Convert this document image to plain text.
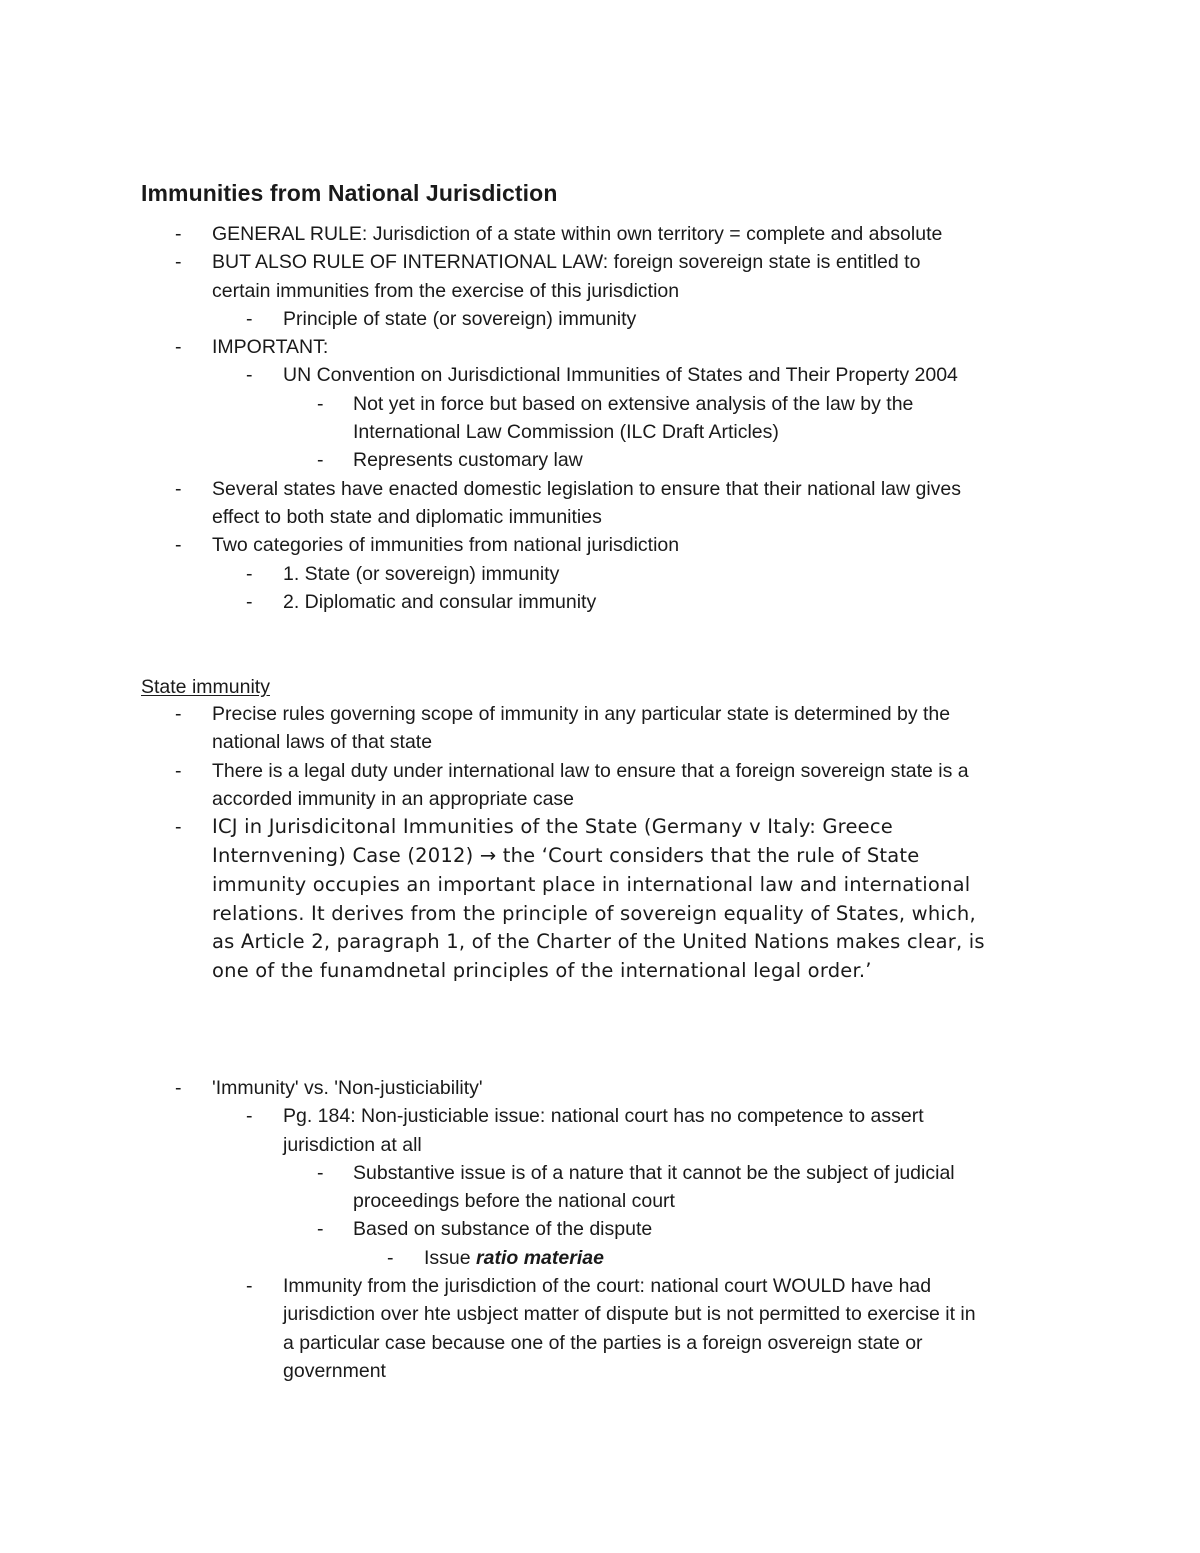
Immunities from National Jurisdiction
- GENERAL RULE: Jurisdiction of a state within own territory = complete and absolute
- BUT ALSO RULE OF INTERNATIONAL LAW: foreign sovereign state is entitled to
certain immunities from the exercise of this jurisdiction
- Principle of state (or sovereign) immunity
- IMPORTANT:
- UN Convention on Jurisdictional Immunities of States and Their Property 2004
- Not yet in force but based on extensive analysis of the law by the
International Law Commission (ILC Draft Articles)
- Represents customary law
- Several states have enacted domestic legislation to ensure that their national law gives
effect to both state and diplomatic immunities
- Two categories of immunities from national jurisdiction
- 1. State (or sovereign) immunity
- 2. Diplomatic and consular immunity
State immunity
- Precise rules governing scope of immunity in any particular state is determined by the
national laws of that state
- There is a legal duty under international law to ensure that a foreign sovereign state is a
accorded immunity in an appropriate case
- ICJ in Jurisdicitonal Immunities of the State (Germany v Italy: Greece
Internvening) Case (2012) → the ‘Court considers that the rule of State
immunity occupies an important place in international law and international
relations. It derives from the principle of sovereign equality of States, which,
as Article 2, paragraph 1, of the Charter of the United Nations makes clear, is
one of the funamdnetal principles of the international legal order.’
- 'Immunity' vs. 'Non-justiciability'
- Pg. 184: Non-justiciable issue: national court has no competence to assert
jurisdiction at all
- Substantive issue is of a nature that it cannot be the subject of judicial
proceedings before the national court
- Based on substance of the dispute
- Issue ratio materiae
- Immunity from the jurisdiction of the court: national court WOULD have had
jurisdiction over hte usbject matter of dispute but is not permitted to exercise it in
a particular case because one of the parties is a foreign osvereign state or
government
